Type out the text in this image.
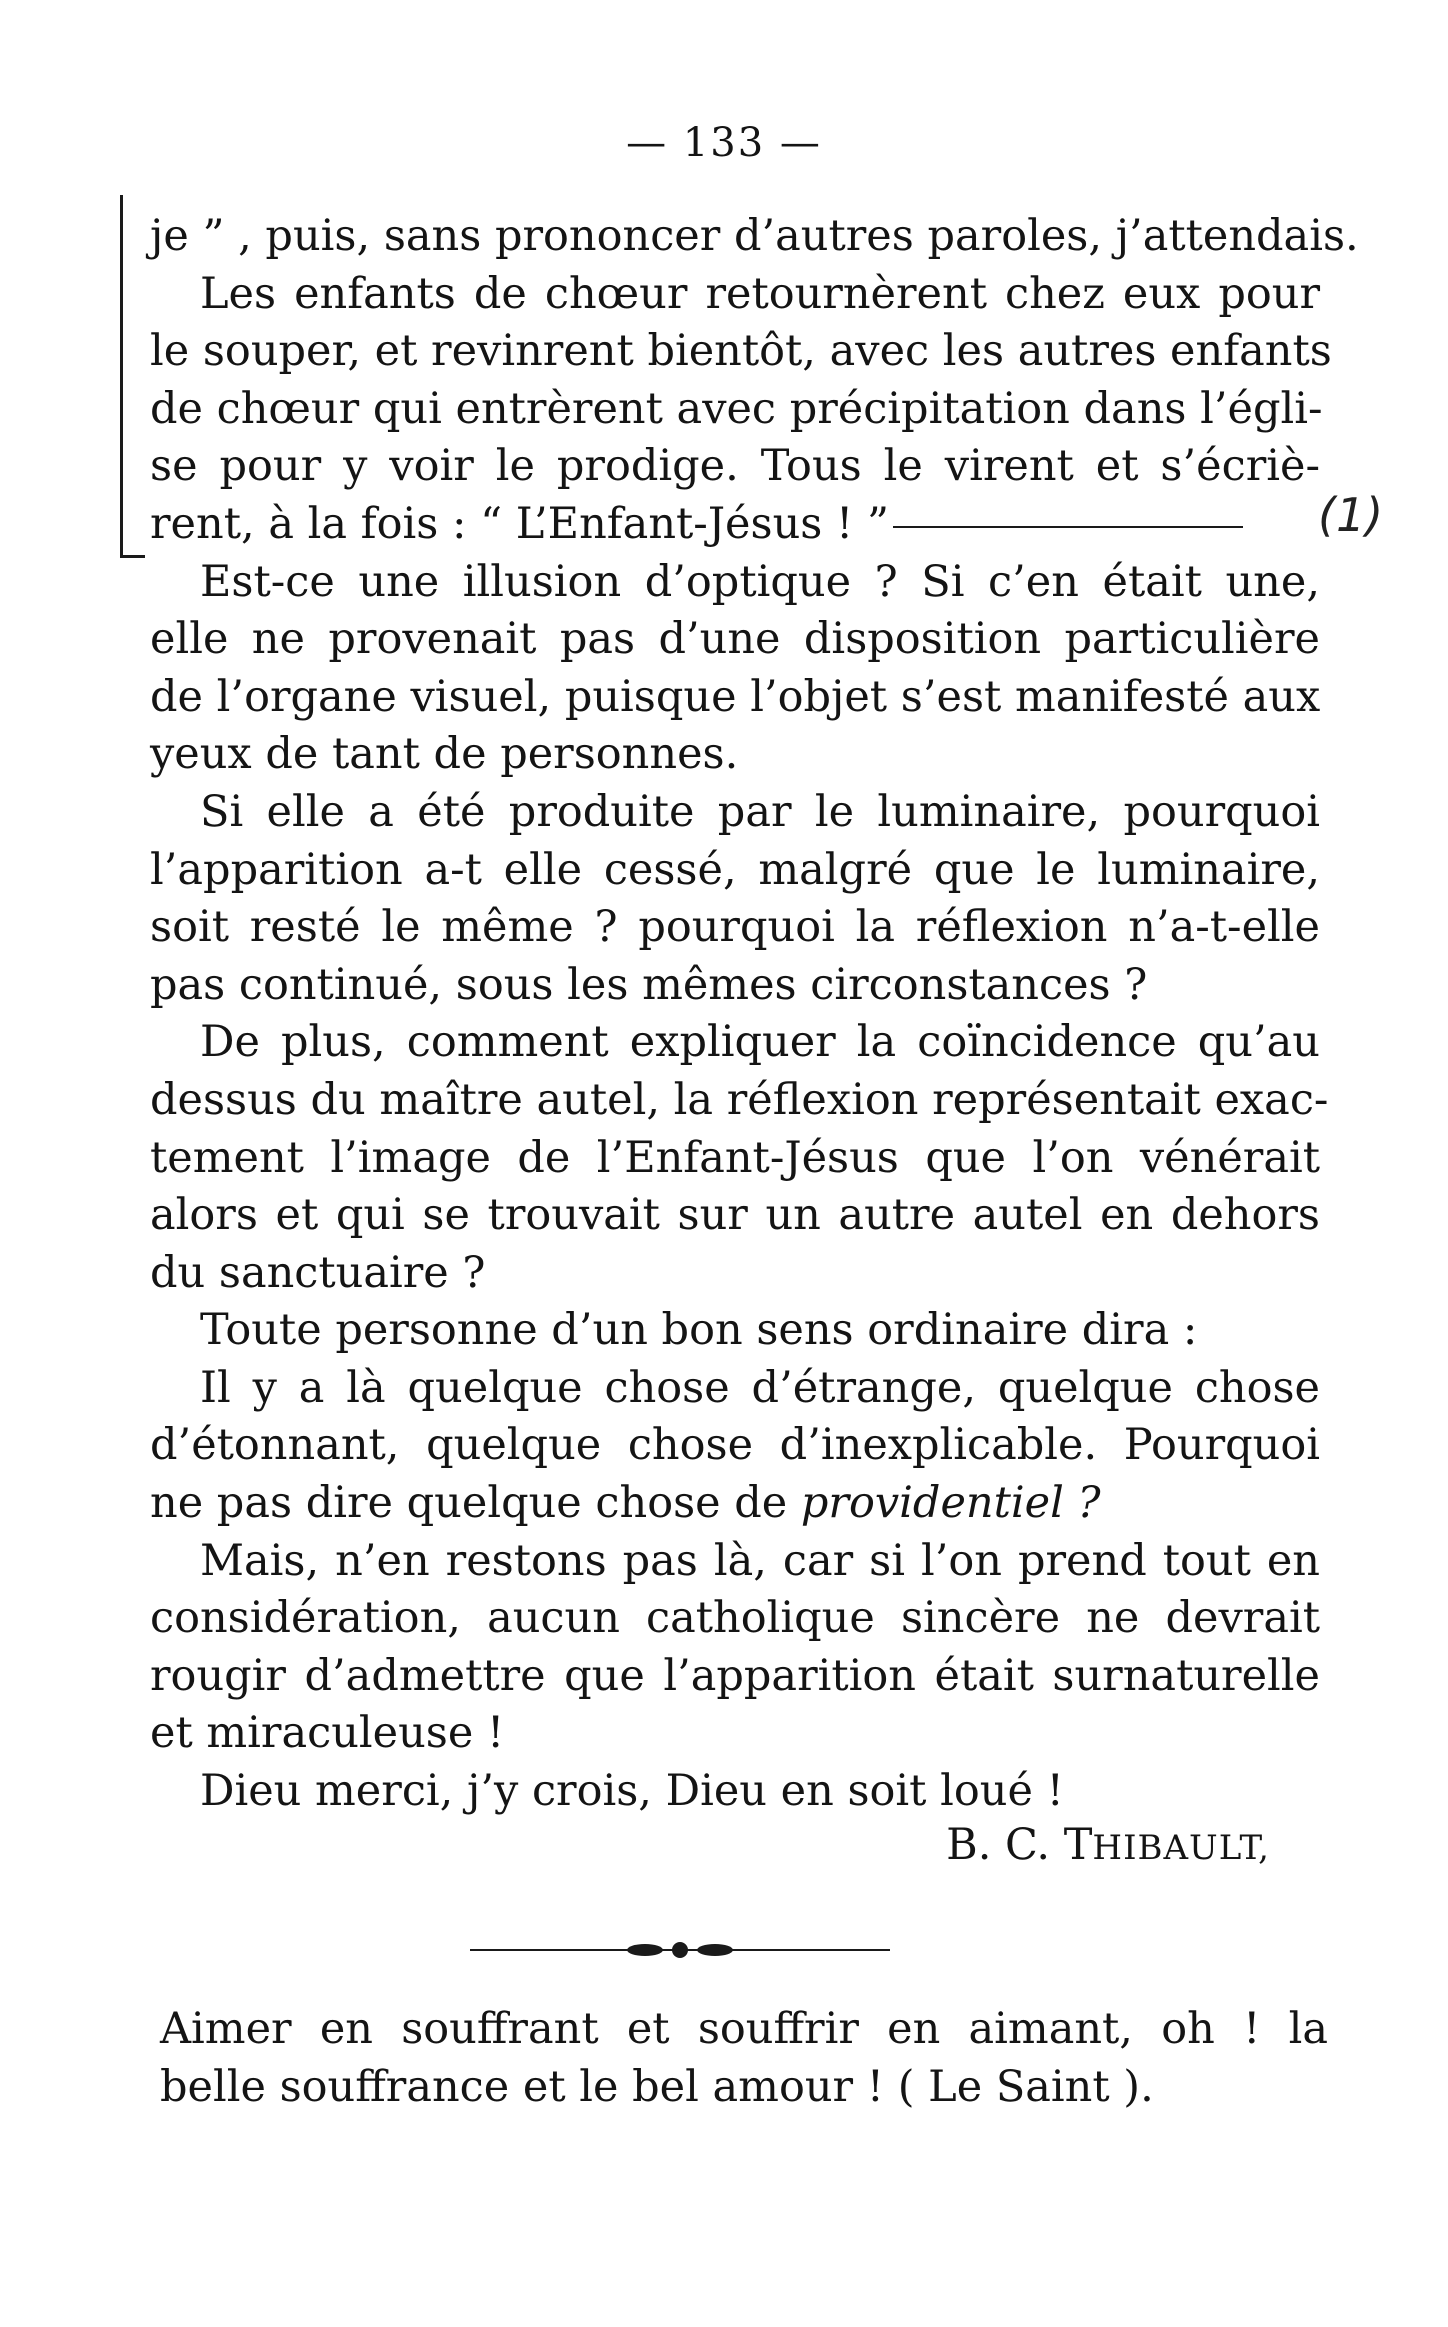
— 133 —
(1)
je ” , puis, sans prononcer d’autres paroles, j’attendais.
Les enfants de chœur retournèrent chez eux pour
le souper, et revinrent bientôt, avec les autres enfants
de chœur qui entrèrent avec précipitation dans l’égli-
se pour y voir le prodige. Tous le virent et s’écriè-
rent, à la fois : “ L’Enfant-Jésus ! ”
Est-ce une illusion d’optique ? Si c’en était une,
elle ne provenait pas d’une disposition particulière
de l’organe visuel, puisque l’objet s’est manifesté aux
yeux de tant de personnes.
Si elle a été produite par le luminaire, pourquoi
l’apparition a-t elle cessé, malgré que le luminaire,
soit resté le même ? pourquoi la réflexion n’a-t-elle
pas continué, sous les mêmes circonstances ?
De plus, comment expliquer la coïncidence qu’au
dessus du maître autel, la réflexion représentait exac-
tement l’image de l’Enfant-Jésus que l’on vénérait
alors et qui se trouvait sur un autre autel en dehors
du sanctuaire ?
Toute personne d’un bon sens ordinaire dira :
Il y a là quelque chose d’étrange, quelque chose
d’étonnant, quelque chose d’inexplicable. Pourquoi
ne pas dire quelque chose de providentiel ?
Mais, n’en restons pas là, car si l’on prend tout en
considération, aucun catholique sincère ne devrait
rougir d’admettre que l’apparition était surnaturelle
et miraculeuse !
Dieu merci, j’y crois, Dieu en soit loué !
B. C. THIBAULT,
Aimer en souffrant et souffrir en aimant, oh ! la
belle souffrance et le bel amour ! ( Le Saint ).
